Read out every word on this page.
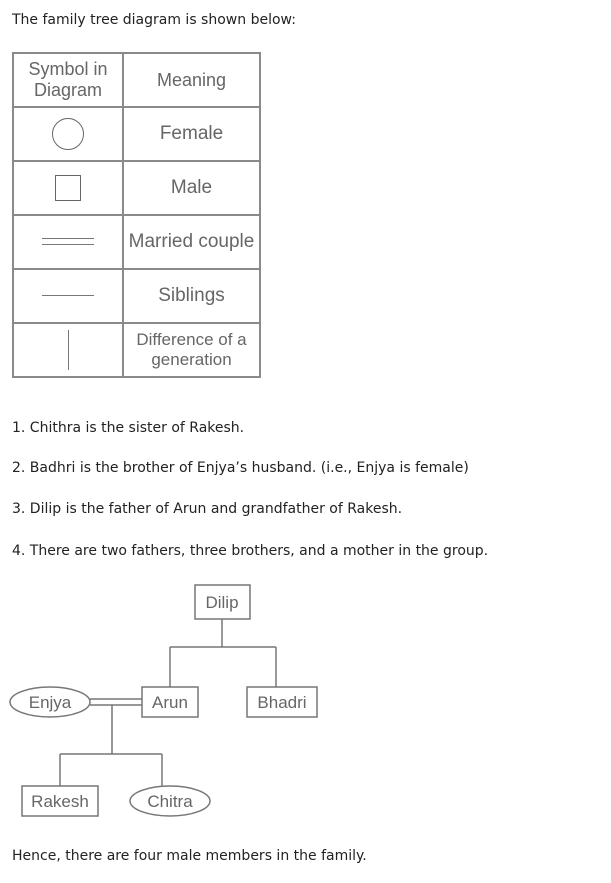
The family tree diagram is shown below:
Symbol in Diagram	Meaning
	Female
	Male
	Married couple
	Siblings
	Difference of a generation
1. Chithra is the sister of Rakesh.
2. Badhri is the brother of Enjya’s husband. (i.e., Enjya is female)
3. Dilip is the father of Arun and grandfather of Rakesh.
4. There are two fathers, three brothers, and a mother in the group.
Dilip
Arun	Bhadri
Enjya
Rakesh	Chitra
Hence, there are four male members in the family.
